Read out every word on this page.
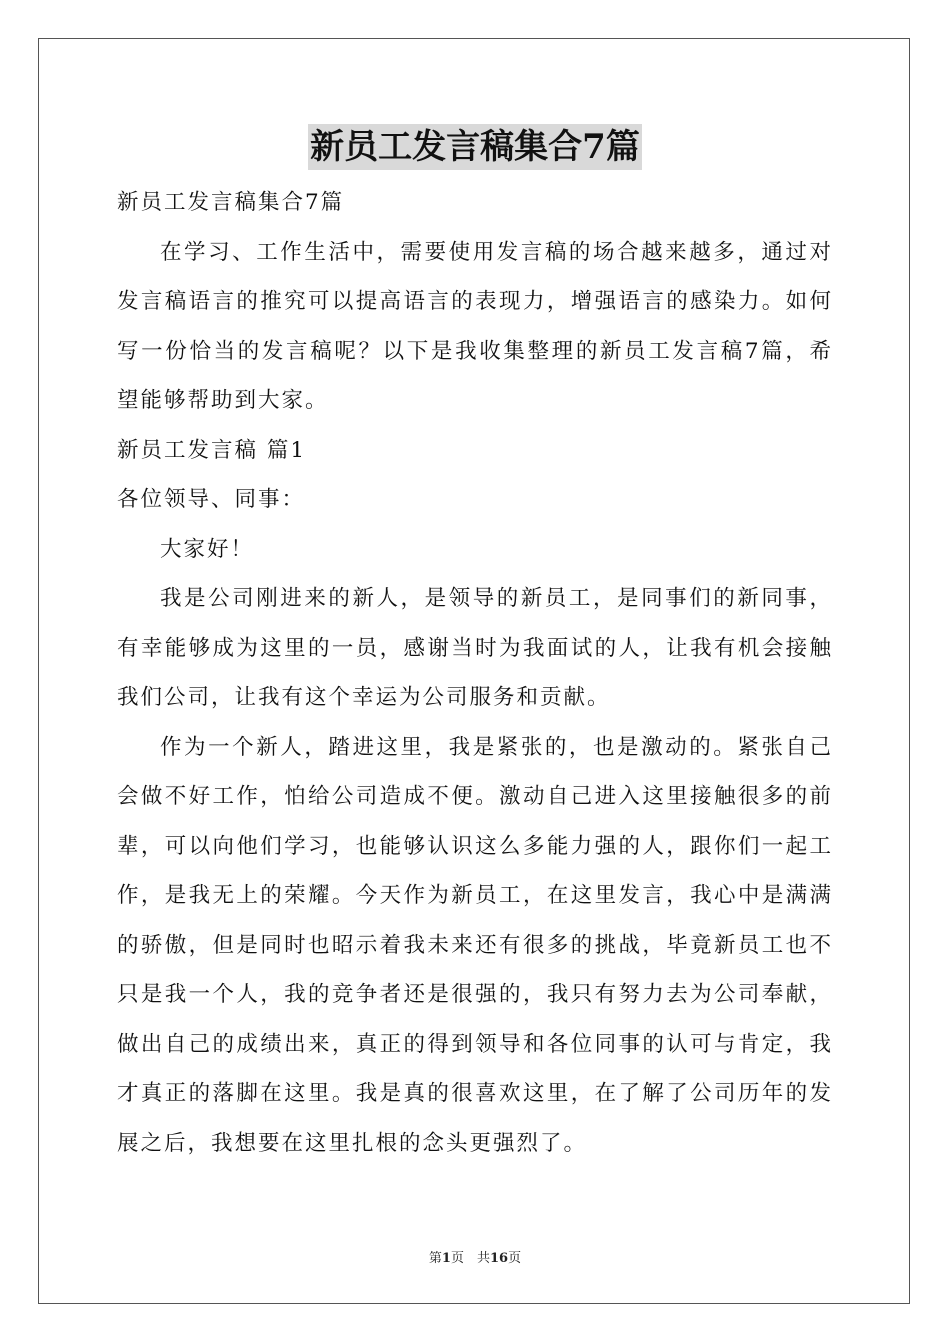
新员工发言稿集合7篇

新员工发言稿集合7篇

在学习、工作生活中，需要使用发言稿的场合越来越多，通过对发言稿语言的推究可以提高语言的表现力，增强语言的感染力。如何写一份恰当的发言稿呢？以下是我收集整理的新员工发言稿7篇，希望能够帮助到大家。

新员工发言稿 篇1

各位领导、同事：

大家好！

我是公司刚进来的新人，是领导的新员工，是同事们的新同事，有幸能够成为这里的一员，感谢当时为我面试的人，让我有机会接触我们公司，让我有这个幸运为公司服务和贡献。

作为一个新人，踏进这里，我是紧张的，也是激动的。紧张自己会做不好工作，怕给公司造成不便。激动自己进入这里接触很多的前辈，可以向他们学习，也能够认识这么多能力强的人，跟你们一起工作，是我无上的荣耀。今天作为新员工，在这里发言，我心中是满满的骄傲，但是同时也昭示着我未来还有很多的挑战，毕竟新员工也不只是我一个人，我的竞争者还是很强的，我只有努力去为公司奉献，做出自己的成绩出来，真正的得到领导和各位同事的认可与肯定，我才真正的落脚在这里。我是真的很喜欢这里，在了解了公司历年的发展之后，我想要在这里扎根的念头更强烈了。

第1页　共16页
